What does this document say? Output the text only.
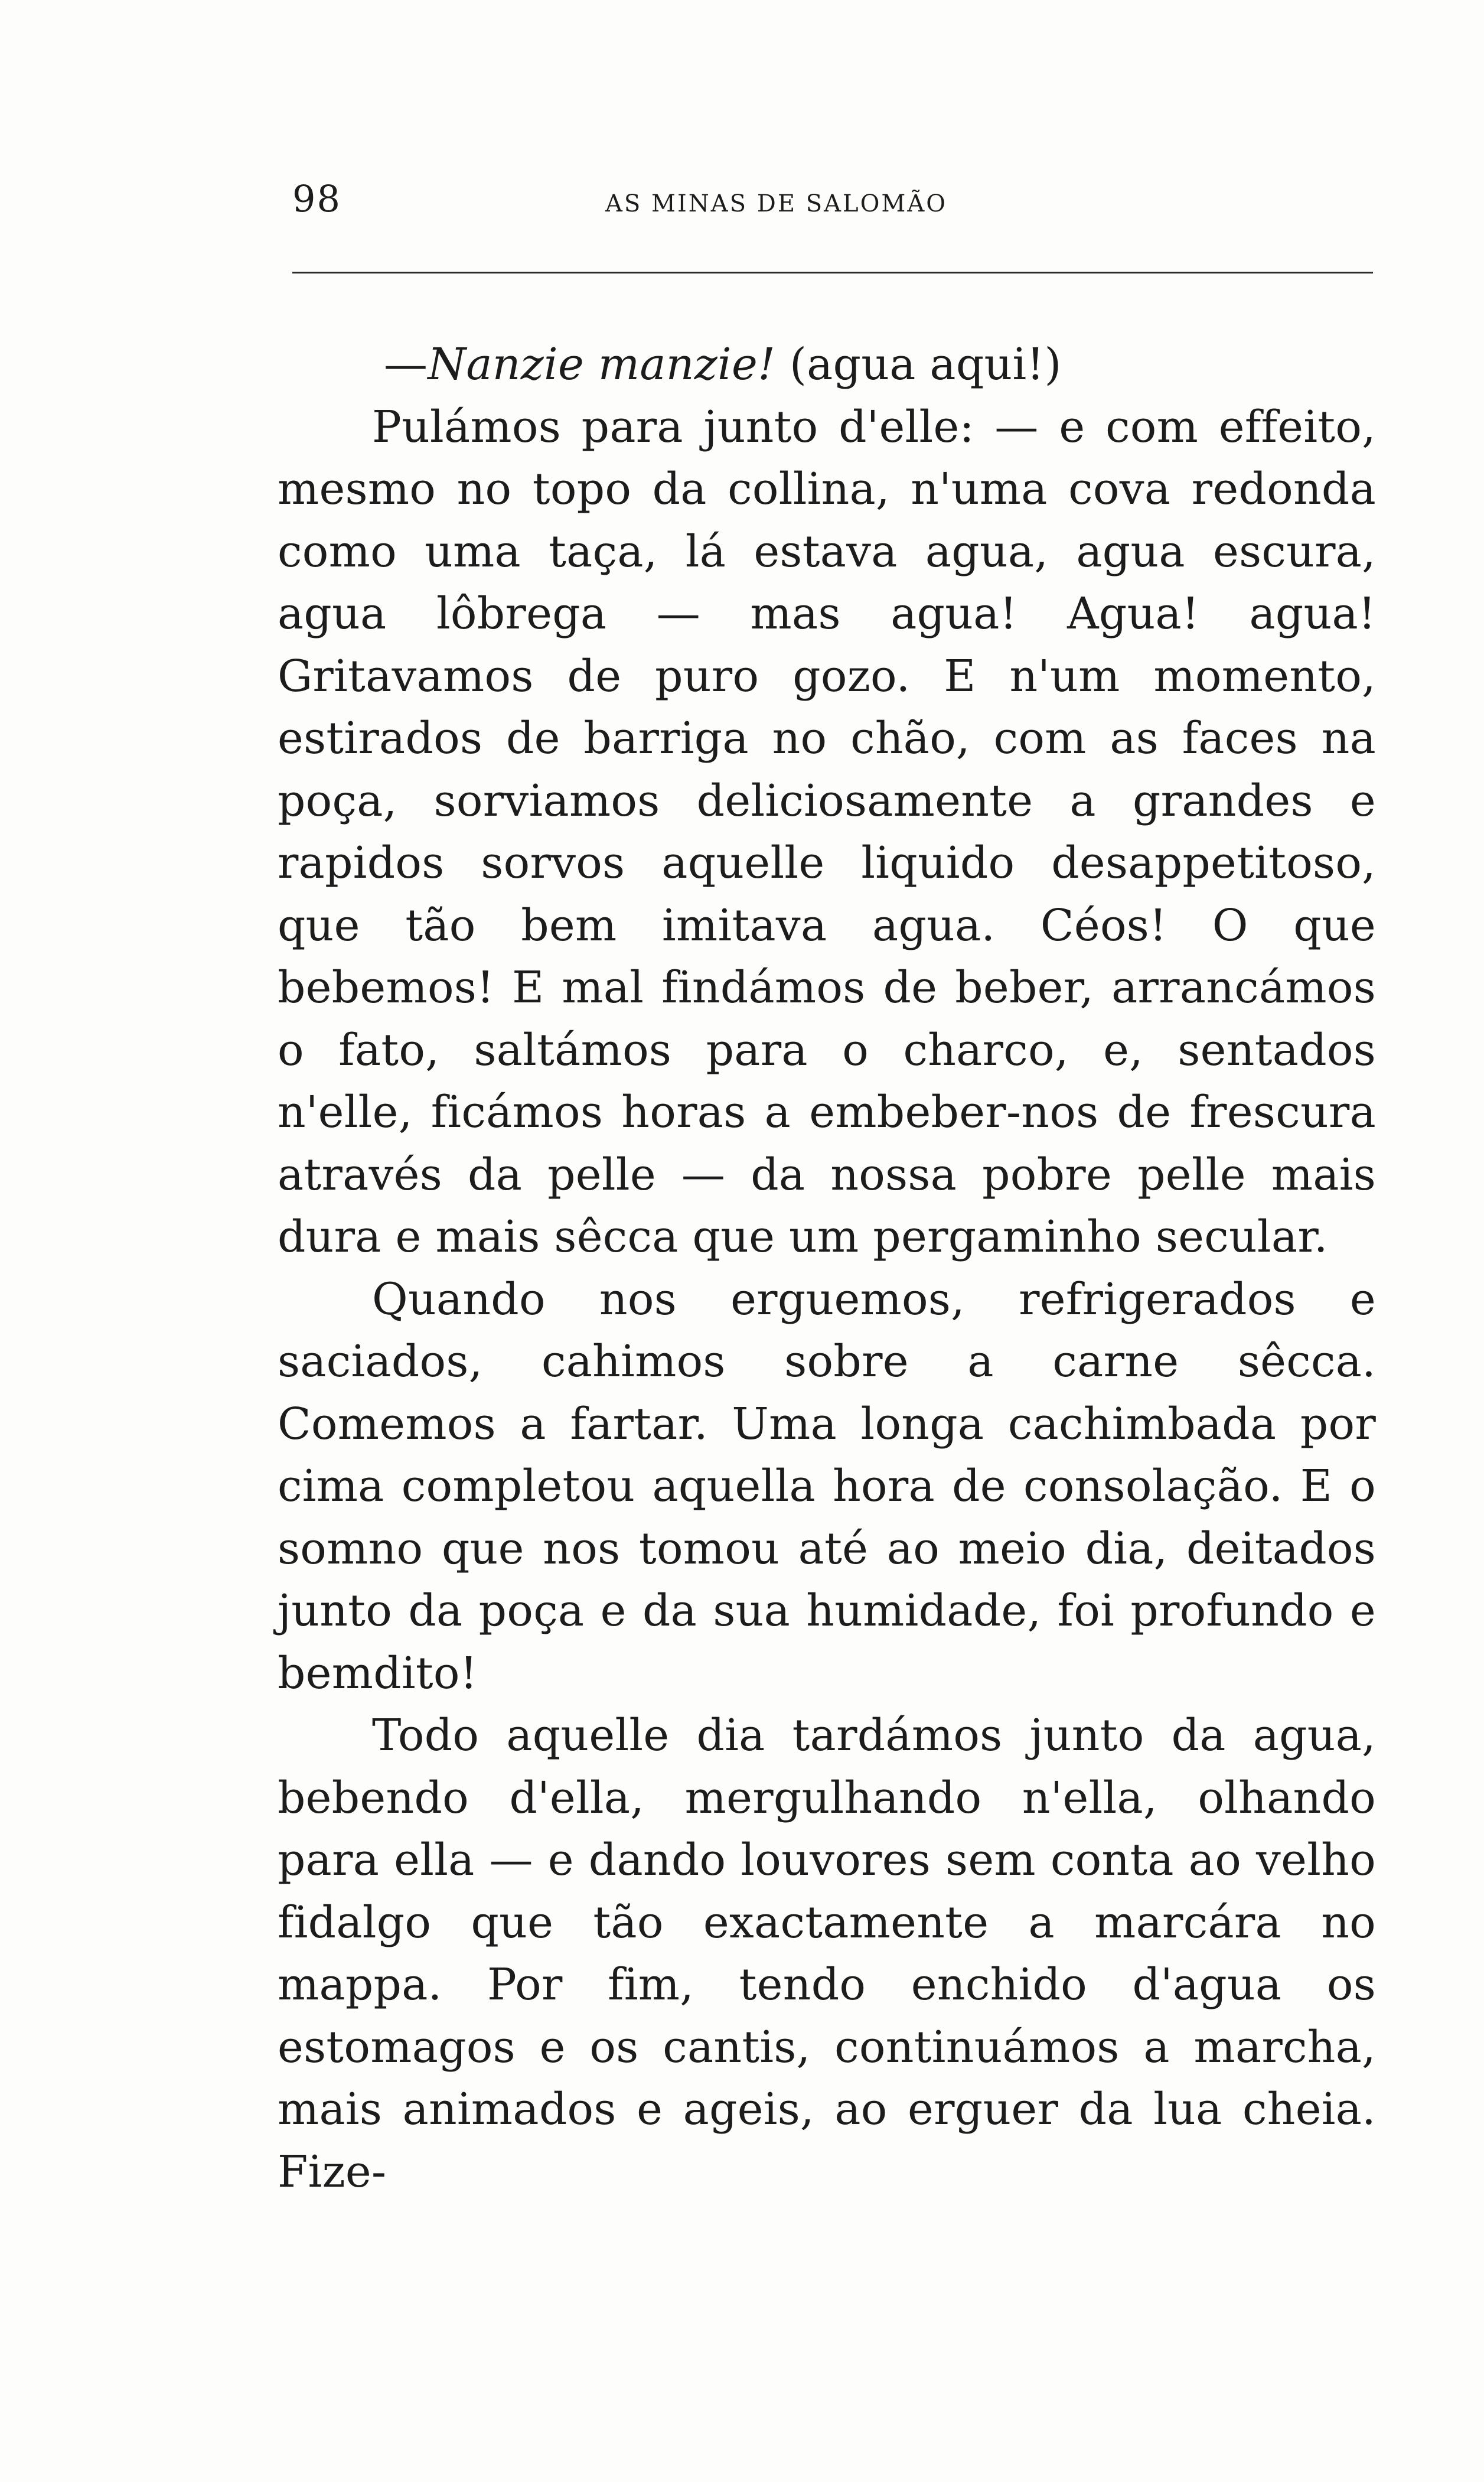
98	AS MINAS DE SALOMÃO

—Nanzie manzie! (agua aqui!)

Pulámos para junto d'elle: — e com effeito, mesmo no topo da collina, n'uma cova redonda como uma taça, lá estava agua, agua escura, agua lôbrega — mas agua! Agua! agua! Gritavamos de puro gozo. E n'um momento, estirados de barriga no chão, com as faces na poça, sorviamos deliciosamente a grandes e rapidos sorvos aquelle liquido desappetitoso, que tão bem imitava agua. Céos! O que bebemos! E mal findámos de beber, arrancámos o fato, saltámos para o charco, e, sentados n'elle, ficámos horas a embeber-nos de frescura através da pelle — da nossa pobre pelle mais dura e mais sêcca que um pergaminho secular.

Quando nos erguemos, refrigerados e saciados, cahimos sobre a carne sêcca. Comemos a fartar. Uma longa cachimbada por cima completou aquella hora de consolação. E o somno que nos tomou até ao meio dia, deitados junto da poça e da sua humidade, foi profundo e bemdito!

Todo aquelle dia tardámos junto da agua, bebendo d'ella, mergulhando n'ella, olhando para ella — e dando louvores sem conta ao velho fidalgo que tão exactamente a marcára no mappa. Por fim, tendo enchido d'agua os estomagos e os cantis, continuámos a marcha, mais animados e ageis, ao erguer da lua cheia. Fize-
